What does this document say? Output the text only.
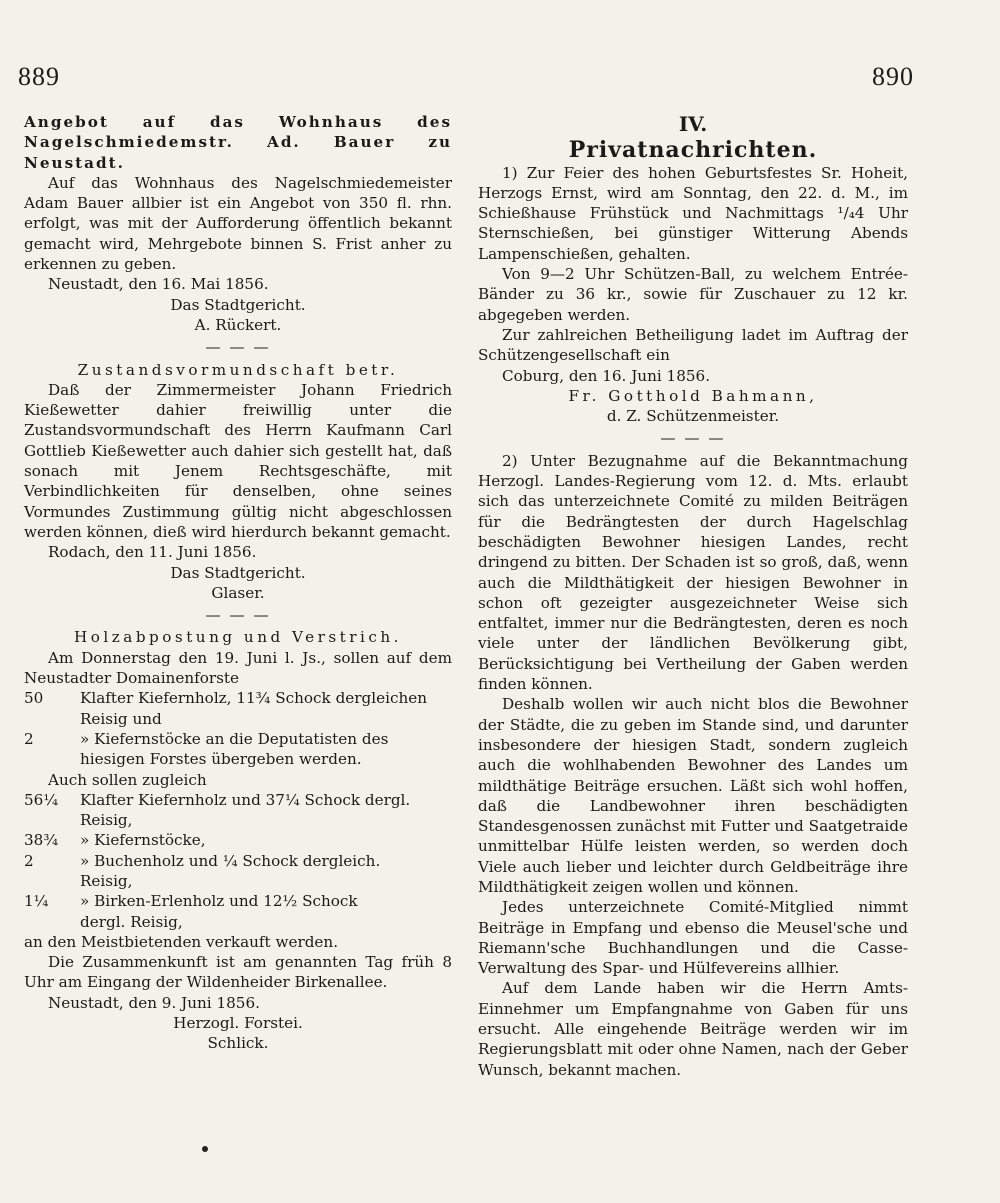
889	890

Angebot auf das Wohnhaus des Nagelschmiedemstr. Ad. Bauer zu Neustadt.

Auf das Wohnhaus des Nagelschmiedemeister Adam Bauer allbier ist ein Angebot von 350 fl. rhn. erfolgt, was mit der Aufforderung öffentlich bekannt gemacht wird, Mehrgebote binnen S. Frist anher zu erkennen zu geben.

Neustadt, den 16. Mai 1856.

Das Stadtgericht.

A. Rückert.

— — —

Zustandsvormundschaft betr.

Daß der Zimmermeister Johann Friedrich Kießewetter dahier freiwillig unter die Zustandsvormundschaft des Herrn Kaufmann Carl Gottlieb Kießewetter auch dahier sich gestellt hat, daß sonach mit Jenem Rechtsgeschäfte, mit Verbindlichkeiten für denselben, ohne seines Vormundes Zustimmung gültig nicht abgeschlossen werden können, dieß wird hierdurch bekannt gemacht.

Rodach, den 11. Juni 1856.

Das Stadtgericht.

Glaser.

— — —

Holzabpostung und Verstrich.

Am Donnerstag den 19. Juni l. Js., sollen auf dem Neustadter Domainenforste

50	Klafter Kiefernholz, 11¾ Schock dergleichen
Reisig und
2	» Kiefernstöcke an die Deputatisten des
hiesigen Forstes übergeben werden.

Auch sollen zugleich

56¼	Klafter Kiefernholz und 37¼ Schock dergl.
Reisig,
38¾	» Kiefernstöcke,
2	» Buchenholz und ¼ Schock dergleich.
Reisig,
1¼	» Birken-Erlenholz und 12½ Schock
dergl. Reisig,

an den Meistbietenden verkauft werden.

Die Zusammenkunft ist am genannten Tag früh 8 Uhr am Eingang der Wildenheider Birkenallee.

Neustadt, den 9. Juni 1856.

Herzogl. Forstei.

Schlick.

IV.

Privatnachrichten.

1) Zur Feier des hohen Geburtsfestes Sr. Hoheit, Herzogs Ernst, wird am Sonntag, den 22. d. M., im Schießhause Frühstück und Nachmittags ¹/₄4 Uhr Sternschießen, bei günstiger Witterung Abends Lampenschießen, gehalten.

Von 9—2 Uhr Schützen-Ball, zu welchem Entrée-Bänder zu 36 kr., sowie für Zuschauer zu 12 kr. abgegeben werden.

Zur zahlreichen Betheiligung ladet im Auftrag der Schützengesellschaft ein

Coburg, den 16. Juni 1856.

Fr. Gotthold Bahmann,

d. Z. Schützenmeister.

— — —

2) Unter Bezugnahme auf die Bekanntmachung Herzogl. Landes-Regierung vom 12. d. Mts. erlaubt sich das unterzeichnete Comité zu milden Beiträgen für die Bedrängtesten der durch Hagelschlag beschädigten Bewohner hiesigen Landes, recht dringend zu bitten. Der Schaden ist so groß, daß, wenn auch die Mildthätigkeit der hiesigen Bewohner in schon oft gezeigter ausgezeichneter Weise sich entfaltet, immer nur die Bedrängtesten, deren es noch viele unter der ländlichen Bevölkerung gibt, Berücksichtigung bei Vertheilung der Gaben werden finden können.

Deshalb wollen wir auch nicht blos die Bewohner der Städte, die zu geben im Stande sind, und darunter insbesondere der hiesigen Stadt, sondern zugleich auch die wohlhabenden Bewohner des Landes um mildthätige Beiträge ersuchen. Läßt sich wohl hoffen, daß die Landbewohner ihren beschädigten Standesgenossen zunächst mit Futter und Saatgetraide unmittelbar Hülfe leisten werden, so werden doch Viele auch lieber und leichter durch Geldbeiträge ihre Mildthätigkeit zeigen wollen und können.

Jedes unterzeichnete Comité-Mitglied nimmt Beiträge in Empfang und ebenso die Meusel'sche und Riemann'sche Buchhandlungen und die Casse-Verwaltung des Spar- und Hülfevereins allhier.

Auf dem Lande haben wir die Herrn Amts-Einnehmer um Empfangnahme von Gaben für uns ersucht. Alle eingehende Beiträge werden wir im Regierungsblatt mit oder ohne Namen, nach der Geber Wunsch, bekannt machen.
